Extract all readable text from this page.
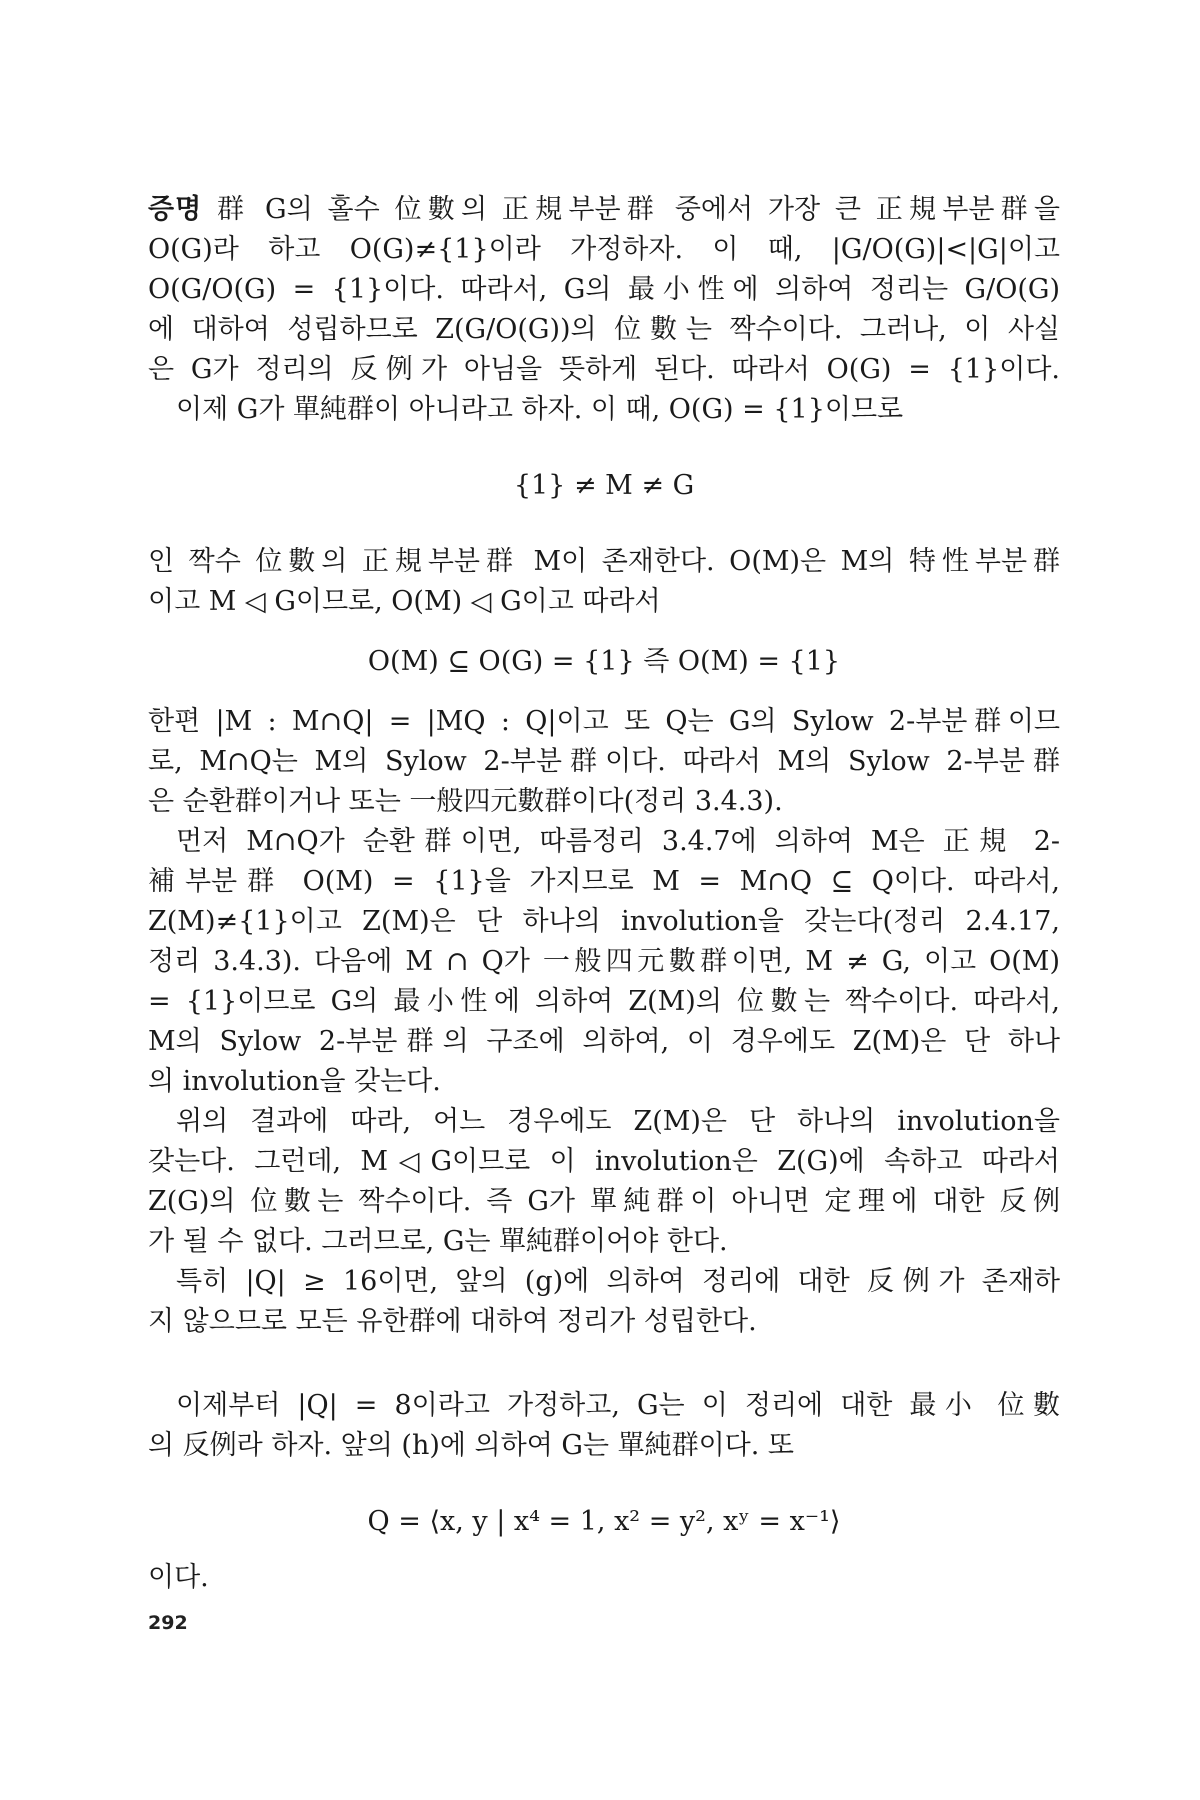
증명 群 G의 홀수 位數의 正規부분群 중에서 가장 큰 正規부분群을
O(G)라 하고 O(G)≠{1}이라 가정하자. 이 때, |G/O(G)|<|G|이고
O(G/O(G) = {1}이다. 따라서, G의 最小性에 의하여 정리는 G/O(G)
에 대하여 성립하므로 Z(G/O(G))의 位數는 짝수이다. 그러나, 이 사실
은 G가 정리의 反例가 아님을 뜻하게 된다. 따라서 O(G) = {1}이다.
이제 G가 單純群이 아니라고 하자. 이 때, O(G) = {1}이므로
{1} ≠ M ≠ G
인 짝수 位數의 正規부분群 M이 존재한다. O(M)은 M의 特性부분群
이고 M ◁ G이므로, O(M) ◁ G이고 따라서
O(M) ⊆ O(G) = {1} 즉 O(M) = {1}
한편 |M : M∩Q| = |MQ : Q|이고 또 Q는 G의 Sylow 2-부분群이므
로, M∩Q는 M의 Sylow 2-부분群이다. 따라서 M의 Sylow 2-부분群
은 순환群이거나 또는 一般四元數群이다(정리 3.4.3).
먼저 M∩Q가 순환群이면, 따름정리 3.4.7에 의하여 M은 正規 2-
補부분群 O(M) = {1}을 가지므로 M = M∩Q ⊆ Q이다. 따라서,
Z(M)≠{1}이고 Z(M)은 단 하나의 involution을 갖는다(정리 2.4.17,
정리 3.4.3). 다음에 M ∩ Q가 一般四元數群이면, M ≠ G, 이고 O(M)
= {1}이므로 G의 最小性에 의하여 Z(M)의 位數는 짝수이다. 따라서,
M의 Sylow 2-부분群의 구조에 의하여, 이 경우에도 Z(M)은 단 하나
의 involution을 갖는다.
위의 결과에 따라, 어느 경우에도 Z(M)은 단 하나의 involution을
갖는다. 그런데, M◁G이므로 이 involution은 Z(G)에 속하고 따라서
Z(G)의 位數는 짝수이다. 즉 G가 單純群이 아니면 定理에 대한 反例
가 될 수 없다. 그러므로, G는 單純群이어야 한다.
특히 |Q| ≥ 16이면, 앞의 (g)에 의하여 정리에 대한 反例가 존재하
지 않으므로 모든 유한群에 대하여 정리가 성립한다.
이제부터 |Q| = 8이라고 가정하고, G는 이 정리에 대한 最小 位數
의 反例라 하자. 앞의 (h)에 의하여 G는 單純群이다. 또
Q = ⟨x, y | x⁴ = 1, x² = y², xʸ = x⁻¹⟩
이다.
292
